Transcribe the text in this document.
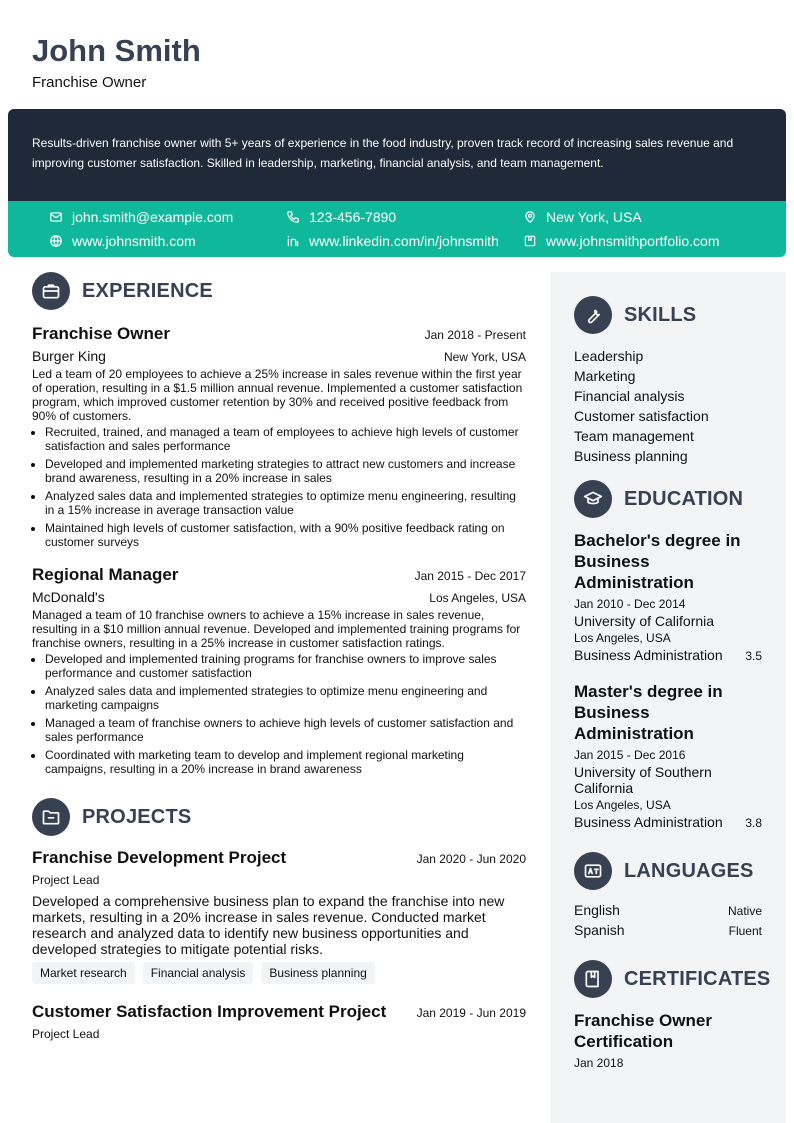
John Smith
Franchise Owner
Results-driven franchise owner with 5+ years of experience in the food industry, proven track record of increasing sales revenue and improving customer satisfaction. Skilled in leadership, marketing, financial analysis, and team management.
john.smith@example.com	123-456-7890	New York, USA
www.johnsmith.com	www.linkedin.com/in/johnsmith	www.johnsmithportfolio.com
EXPERIENCE
Franchise Owner	Jan 2018 - Present
Burger King	New York, USA
Led a team of 20 employees to achieve a 25% increase in sales revenue within the first year of operation, resulting in a $1.5 million annual revenue. Implemented a customer satisfaction program, which improved customer retention by 30% and received positive feedback from 90% of customers.
• Recruited, trained, and managed a team of employees to achieve high levels of customer satisfaction and sales performance
• Developed and implemented marketing strategies to attract new customers and increase brand awareness, resulting in a 20% increase in sales
• Analyzed sales data and implemented strategies to optimize menu engineering, resulting in a 15% increase in average transaction value
• Maintained high levels of customer satisfaction, with a 90% positive feedback rating on customer surveys
Regional Manager	Jan 2015 - Dec 2017
McDonald's	Los Angeles, USA
Managed a team of 10 franchise owners to achieve a 15% increase in sales revenue, resulting in a $10 million annual revenue. Developed and implemented training programs for franchise owners, resulting in a 25% increase in customer satisfaction ratings.
• Developed and implemented training programs for franchise owners to improve sales performance and customer satisfaction
• Analyzed sales data and implemented strategies to optimize menu engineering and marketing campaigns
• Managed a team of franchise owners to achieve high levels of customer satisfaction and sales performance
• Coordinated with marketing team to develop and implement regional marketing campaigns, resulting in a 20% increase in brand awareness
PROJECTS
Franchise Development Project	Jan 2020 - Jun 2020
Project Lead
Developed a comprehensive business plan to expand the franchise into new markets, resulting in a 20% increase in sales revenue. Conducted market research and analyzed data to identify new business opportunities and developed strategies to mitigate potential risks.
Market research	Financial analysis	Business planning
Customer Satisfaction Improvement Project	Jan 2019 - Jun 2019
Project Lead
SKILLS
Leadership
Marketing
Financial analysis
Customer satisfaction
Team management
Business planning
EDUCATION
Bachelor's degree in Business Administration
Jan 2010 - Dec 2014
University of California
Los Angeles, USA
Business Administration 3.5
Master's degree in Business Administration
Jan 2015 - Dec 2016
University of Southern California
Los Angeles, USA
Business Administration 3.8
LANGUAGES
English	Native
Spanish	Fluent
CERTIFICATES
Franchise Owner Certification
Jan 2018
